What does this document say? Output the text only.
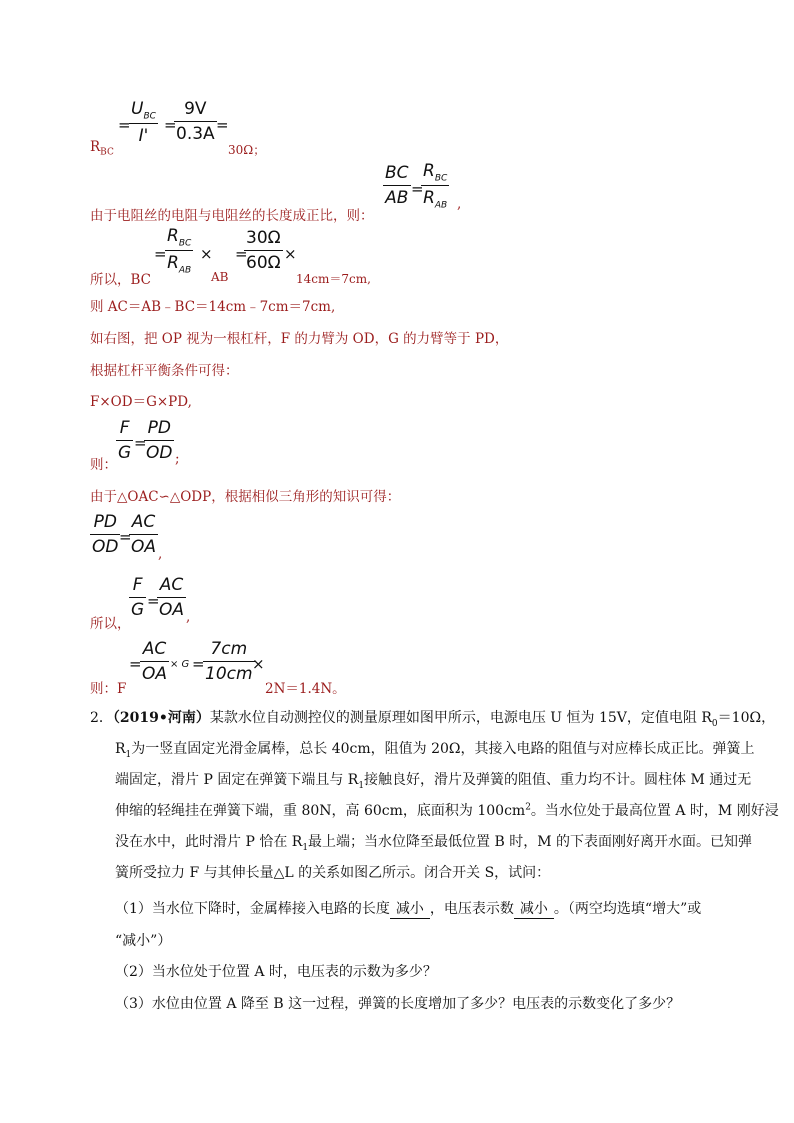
$R_{BC}$
=
$U_{BC}$
I'
=
$\frac{9V}{0.3A}$ =
30Ω；
由于电阻丝的电阻与电阻丝的长度成正比，则：
$\frac{BC}{AB}$ =
$R_{BC}$
$R_{AB}$ ,
所以，BC
=
$R_{BC}$
$R_{AB}$
×
AB
=
$\frac{30\Omega}{60\Omega}$ ×
14cm＝7cm,
则 AC＝AB﹣BC＝14cm﹣7cm＝7cm,
如右图，把 OP 视为一根杠杆，F 的力臂为 OD，G 的力臂等于 PD，
根据杠杆平衡条件可得：
F×OD＝G×PD,
则：
$\frac{F}{G}$ =
$\frac{PD}{OD}$ ;
由于△OAC∽△ODP，根据相似三角形的知识可得：
$\frac{PD}{OD}$
=
$\frac{AC}{OA}$ ,
所以，
$\frac{F}{G}$ =
$\frac{AC}{OA}$ ,
则：F
=
$\frac{AC}{OA} \times G$ =
$\frac{7cm}{10cm}$
×
2N＝1.4N。
2．（2019•河南）某款水位自动测控仪的测量原理如图甲所示，电源电压 U 恒为 15V，定值电阻 $R_0=10\Omega$，
$R_1$为一竖直固定光滑金属棒，总长 40cm，阻值为 20Ω，其接入电路的阻值与对应棒长成正比。弹簧上
端固定，滑片 P 固定在弹簧下端且与 $R_1$接触良好，滑片及弹簧的阻值、重力均不计。圆柱体 M 通过无
伸缩的轻绳挂在弹簧下端，重 80N，高 60cm，底面积为 $100cm^2$。当水位处于最高位置 A 时，M 刚好浸
没在水中，此时滑片 P 恰在 $R_1$最上端；当水位降至最低位置 B 时，M 的下表面刚好离开水面。已知弹
簧所受拉力 F 与其伸长量△L 的关系如图乙所示。闭合开关 S，试问：
（1）当水位下降时，金属棒接入电路的长度 减小 ，电压表示数 减小 。（两空均选填“增大”或
“减小”）
（2）当水位处于位置 A 时，电压表的示数为多少？
（3）水位由位置 A 降至 B 这一过程，弹簧的长度增加了多少？电压表的示数变化了多少？
